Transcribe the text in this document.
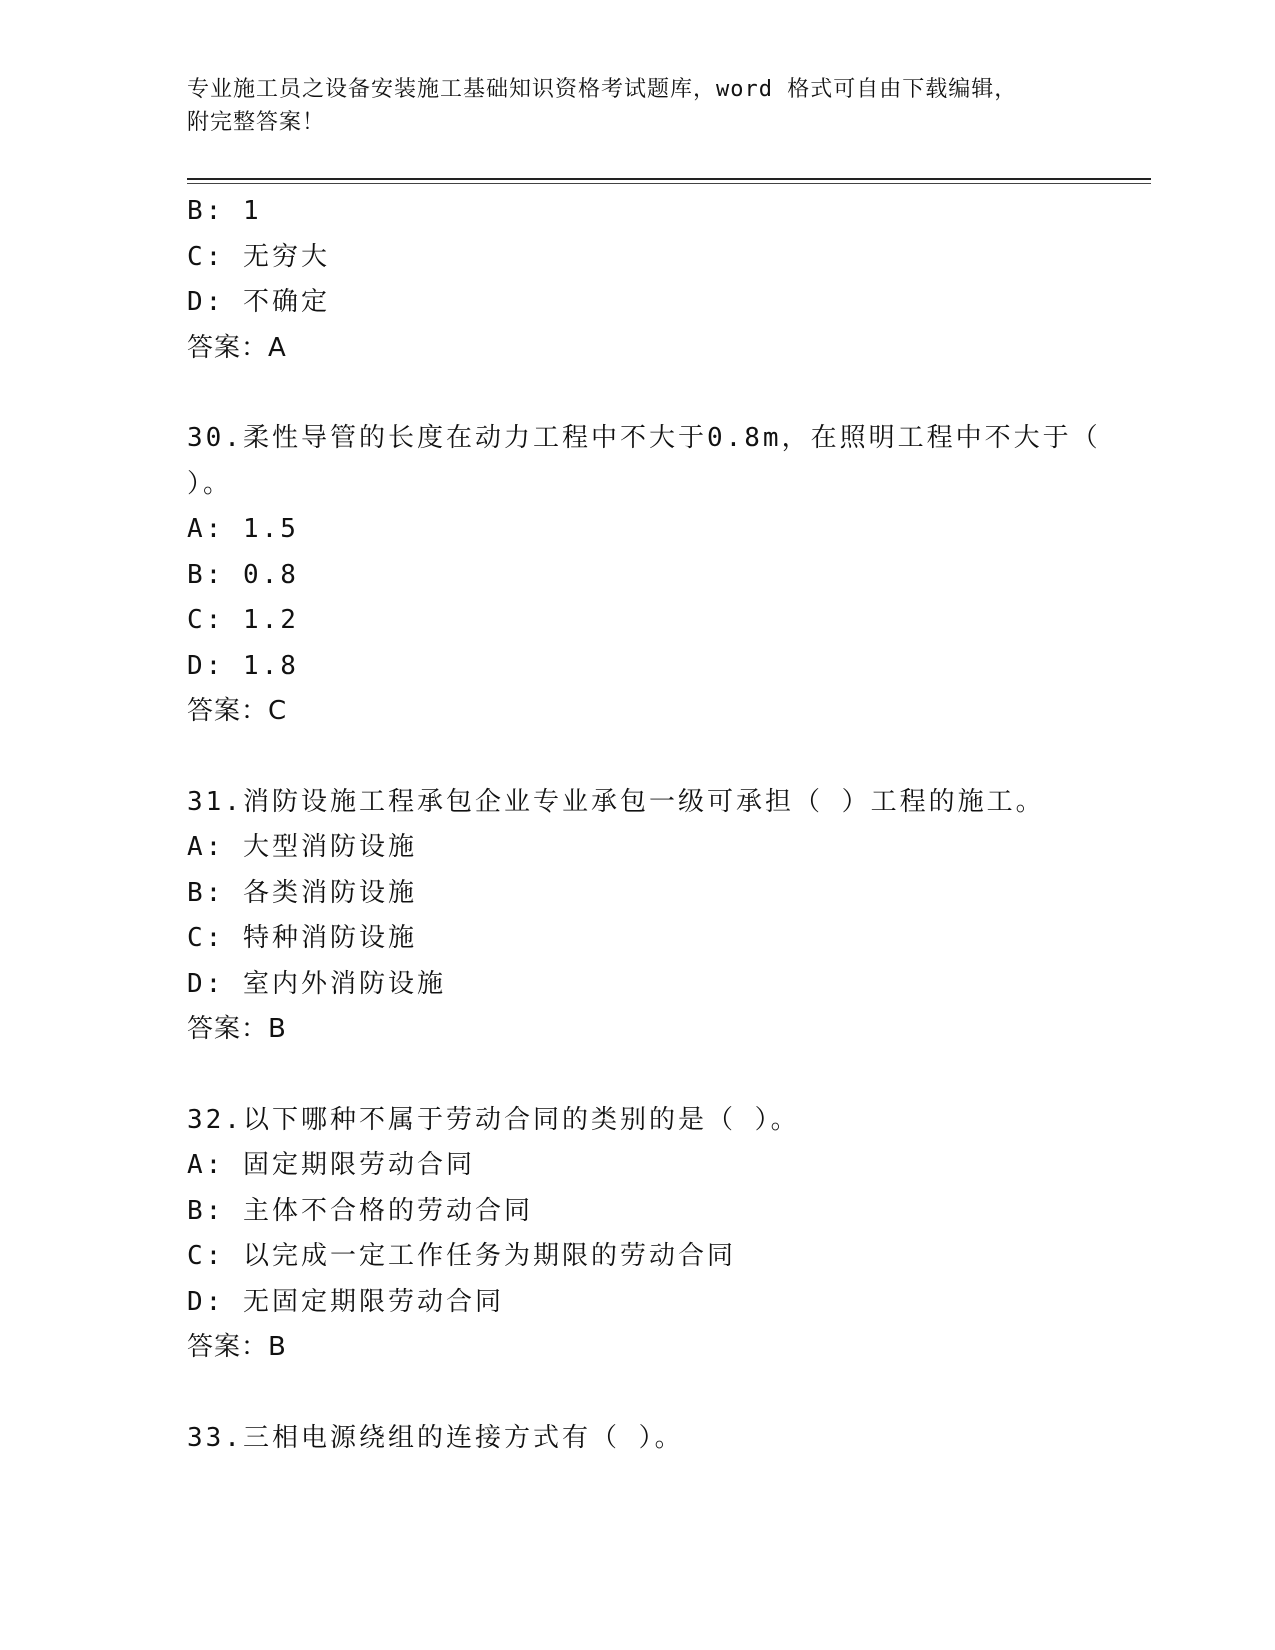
专业施工员之设备安装施工基础知识资格考试题库，word 格式可自由下载编辑，
附完整答案！
B: 1
C: 无穷大
D: 不确定
答案：A
30.柔性导管的长度在动力工程中不大于0.8m，在照明工程中不大于（
）。
A: 1.5
B: 0.8
C: 1.2
D: 1.8
答案：C
31.消防设施工程承包企业专业承包一级可承担（ ）工程的施工。
A: 大型消防设施
B: 各类消防设施
C: 特种消防设施
D: 室内外消防设施
答案：B
32.以下哪种不属于劳动合同的类别的是（ ）。
A: 固定期限劳动合同
B: 主体不合格的劳动合同
C: 以完成一定工作任务为期限的劳动合同
D: 无固定期限劳动合同
答案：B
33.三相电源绕组的连接方式有（ ）。
